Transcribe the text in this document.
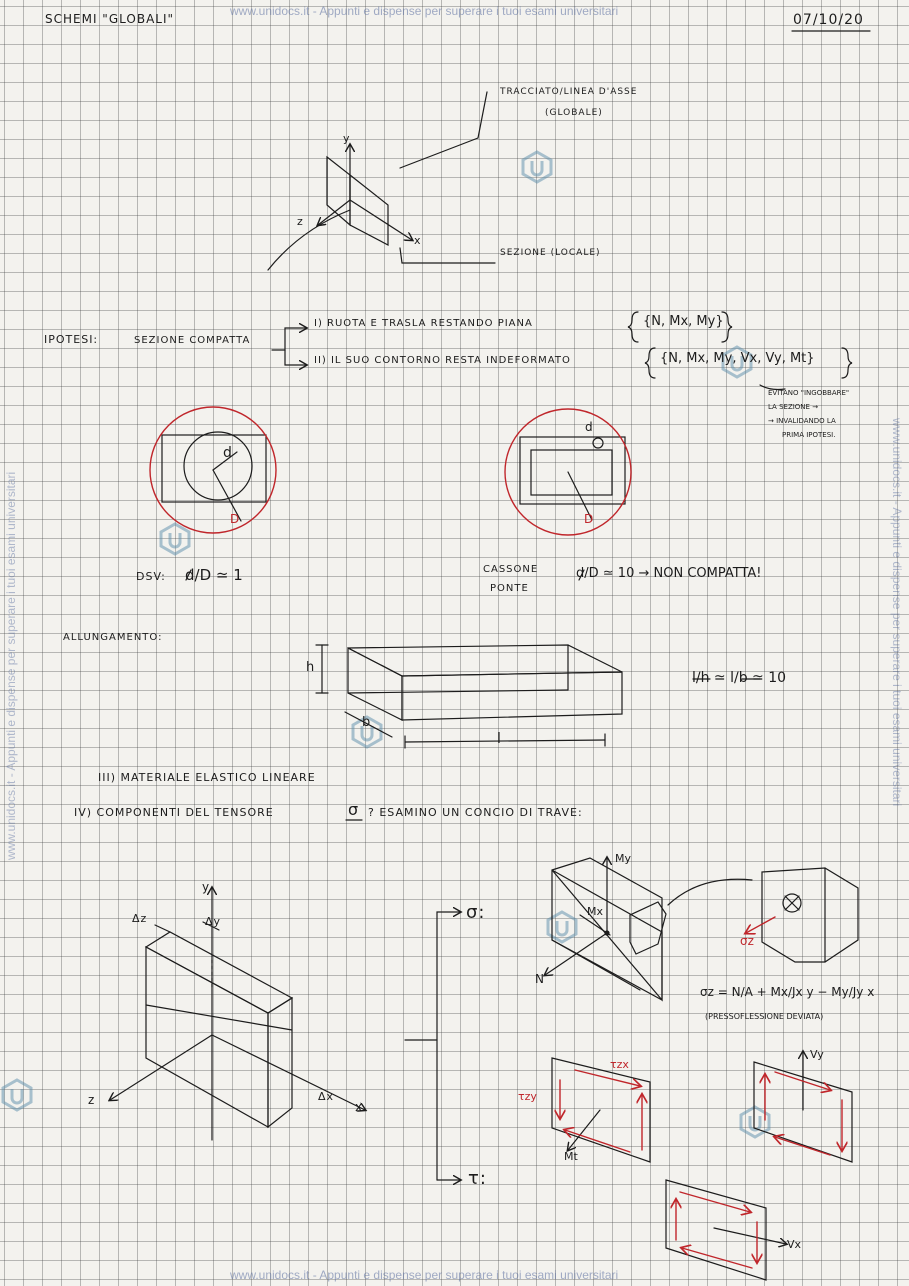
www.unidocs.it - Appunti e dispense per superare i tuoi esami universitari
www.unidocs.it - Appunti e dispense per superare i tuoi esami universitari
www.unidocs.it - Appunti e dispense per superare i tuoi esami universitari	www.unidocs.it - Appunti e dispense per superare i tuoi esami universitari
SCHEMI "GLOBALI"	07/10/20
TRACCIATO/LINEA D'ASSE
(GLOBALE)
SEZIONE (LOCALE)
y
z
x
IPOTESI:	SEZIONE COMPATTA
I) RUOTA E TRASLA RESTANDO PIANA	{N, Mx, My}
II) IL SUO CONTORNO RESTA INDEFORMATO	{N, Mx, My, Vx, Vy, Mt}
EVITANO "INGOBBARE"
LA SEZIONE →
→ INVALIDANDO LA
PRIMA IPOTESI.
d
D
d
D
DSV: d/D ≃ 1	CASSONE
PONTE
d/D ≃ 10 → NON COMPATTA!
ALLUNGAMENTO:
h
b
l
l/h ≃ l/b ≃ 10
III) MATERIALE ELASTICO LINEARE
IV) COMPONENTI DEL TENSORE	σ ? ESAMINO UN CONCIO DI TRAVE:
Δz	Δy
y
z	Δx
x
σ:
τ:
My
Mx
N
σz
σz = N/A + Mx/Jx y − My/Jy x
(PRESSOFLESSIONE DEVIATA)
τzx
τzy
Mt
Vy
Vx
